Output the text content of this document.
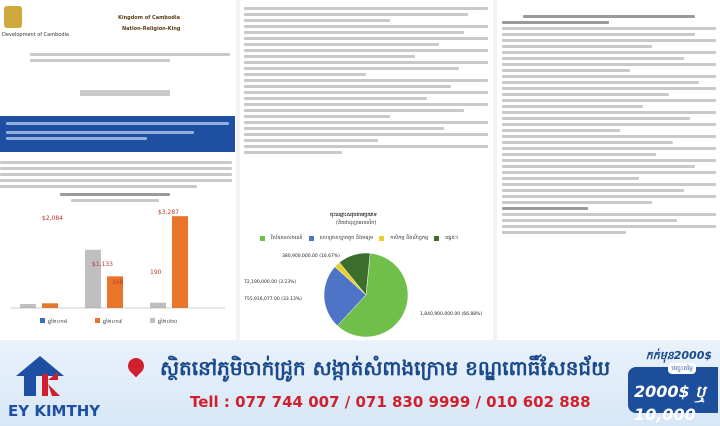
Development of Cambodia
Kingdom of Cambodia
Nation-Religion-King
$2,084
$3,287
$1,133
190
168
ឆ្នាំ២០១៨	ឆ្នាំ២០១៩	ឆ្នាំ២០២០
ចុះឈ្មោះសរុបតាមប្រភេទ
(គិតជាដុល្លារអាមេរិក)
វិស័យទេសចរណ៍	សហគ្រាសខ្នាតតូច និងមធ្យម	កសិកម្ម និងសិប្បកម្ម	ផ្សេងៗ
1,840,900,000.00 (66.88%)
755,916,077.00 (33.13%)
72,190,000.00 (3.23%)
380,900,000.00 (16.67%)
EY KIMTHY
ស្ថិតនៅភូមិចាក់ជ្រូក សង្កាត់សំពាងក្រោម ខណ្ឌពោធិ៍សែនជ័យ
Tell : 077 744 007 / 071 830 9999 / 010 602 888
កក់មុន2000$
2000$ ឬ 10,000
បញ្ចុះតម្លៃ
